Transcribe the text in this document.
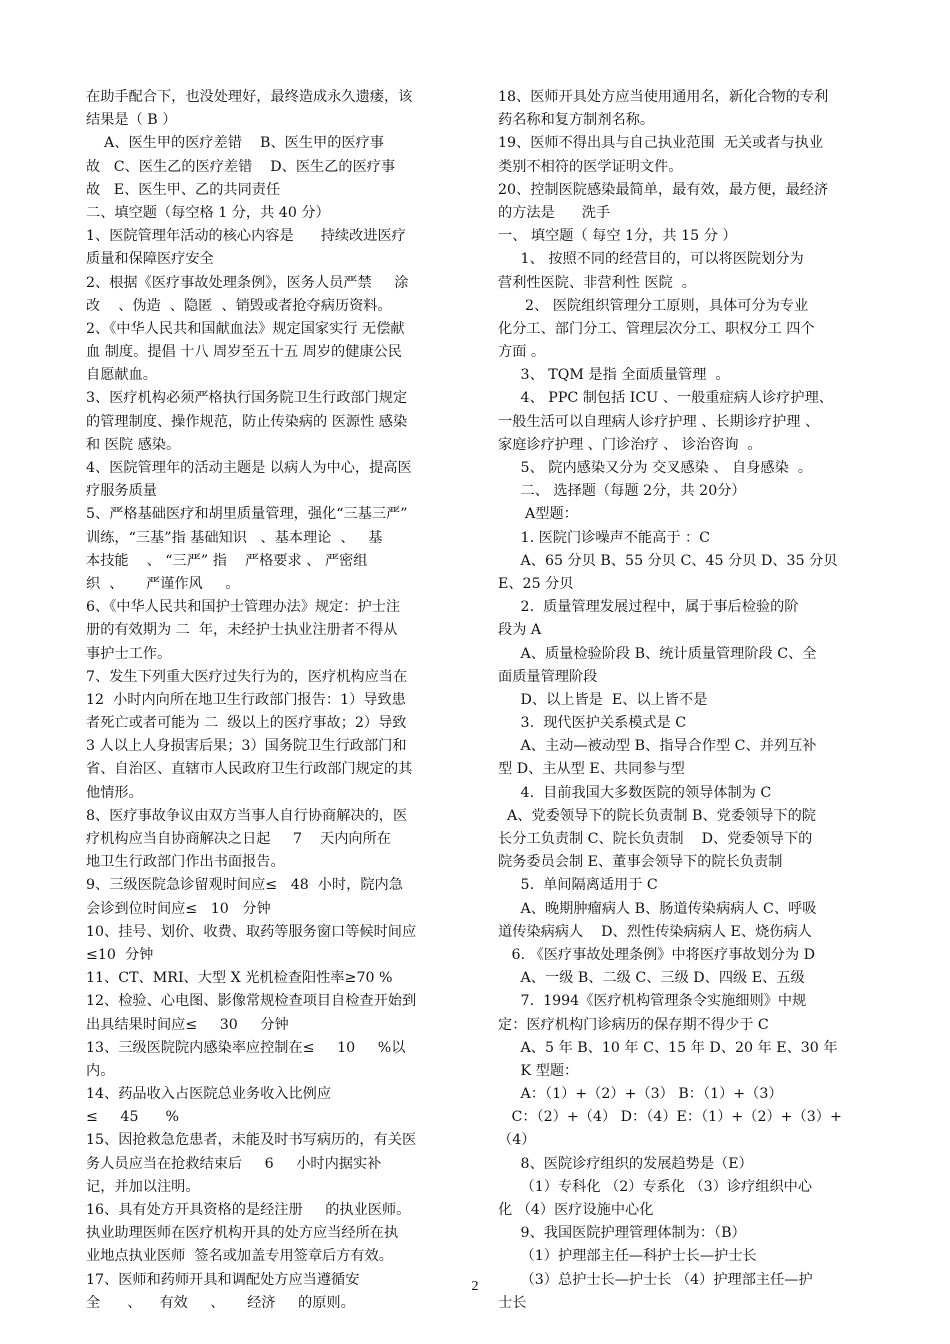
在助手配合下，也没处理好，最终造成永久遗瘘，该
结果是（ B ）
A、医生甲的医疗差错    B、医生甲的医疗事
故   C、医生乙的医疗差错    D、医生乙的医疗事
故   E、医生甲、乙的共同责任
二、填空题（每空格 1 分，共 40 分）
1、医院管理年活动的核心内容是      持续改进医疗
质量和保障医疗安全
2、根据《医疗事故处理条例》，医务人员严禁     涂
改    、伪造  、隐匿  、销毁或者抢夺病历资料。
2、《中华人民共和国献血法》规定国家实行 无偿献
血 制度。提倡 十八 周岁至五十五 周岁的健康公民
自愿献血。
3、医疗机构必须严格执行国务院卫生行政部门规定
的管理制度、操作规范，防止传染病的 医源性 感染
和 医院 感染。
4、医院管理年的活动主题是 以病人为中心，提高医
疗服务质量
5、严格基础医疗和胡里质量管理，强化“三基三严”
训练，“三基”指 基础知识   、基本理论  、   基
本技能    、 “三严” 指    严格要求 、 严密组
织  、     严谨作风     。
6、《中华人民共和国护士管理办法》规定：护士注
册的有效期为 二  年，未经护士执业注册者不得从
事护士工作。
7、发生下列重大医疗过失行为的，医疗机构应当在
12  小时内向所在地卫生行政部门报告：1）导致患
者死亡或者可能为 二  级以上的医疗事故；2）导致
3 人以上人身损害后果；3）国务院卫生行政部门和
省、自治区、直辖市人民政府卫生行政部门规定的其
他情形。
8、医疗事故争议由双方当事人自行协商解决的，医
疗机构应当自协商解决之日起     7    天内向所在
地卫生行政部门作出书面报告。
9、三级医院急诊留观时间应≤   48  小时，院内急
会诊到位时间应≤   10   分钟
10、挂号、划价、收费、取药等服务窗口等候时间应
≤10  分钟
11、CT、MRI、大型 X 光机检查阳性率≥70 %
12、检验、心电图、影像常规检查项目自检查开始到
出具结果时间应≤     30     分钟
13、三级医院院内感染率应控制在≤     10     %以
内。
14、药品收入占医院总业务收入比例应
≤     45      %
15、因抢救急危患者，未能及时书写病历的，有关医
务人员应当在抢救结束后     6     小时内据实补
记，并加以注明。
16、具有处方开具资格的是经注册     的执业医师。
执业助理医师在医疗机构开具的处方应当经所在执
业地点执业医师  签名或加盖专用签章后方有效。
17、医师和药师开具和调配处方应当遵循安
全      、    有效     、     经济     的原则。
18、医师开具处方应当使用通用名，新化合物的专利
药名称和复方制剂名称。
19、医师不得出具与自己执业范围  无关或者与执业
类别不相符的医学证明文件。
20、控制医院感染最简单，最有效，最方便，最经济
的方法是      洗手
一、 填空题（ 每空 1分，共 15 分 ）
1、 按照不同的经营目的，可以将医院划分为
营利性医院、非营利性 医院  。
2、 医院组织管理分工原则，具体可分为专业
化分工、部门分工、管理层次分工、职权分工 四个
方面 。
3、 TQM 是指 全面质量管理  。
4、 PPC 制包括 ICU 、一般重症病人诊疗护理、
一般生活可以自理病人诊疗护理 、长期诊疗护理 、
家庭诊疗护理 、门诊治疗 、 诊治咨询  。
5、 院内感染又分为 交叉感染 、 自身感染  。
二、 选择题（每题 2分，共 20分）
A型题：
1. 医院门诊噪声不能高于 ：C
A、65 分贝 B、55 分贝 C、45 分贝 D、35 分贝
E、25 分贝
2.  质量管理发展过程中，属于事后检验的阶
段为 A
A、质量检验阶段 B、统计质量管理阶段 C、全
面质量管理阶段
D、以上皆是  E、以上皆不是
3.  现代医护关系模式是 C
A、主动—被动型 B、指导合作型 C、并列互补
型 D、主从型 E、共同参与型
4.  目前我国大多数医院的领导体制为 C
A、党委领导下的院长负责制 B、党委领导下的院
长分工负责制 C、院长负责制    D、党委领导下的
院务委员会制 E、董事会领导下的院长负责制
5.  单间隔离适用于 C
A、晚期肿瘤病人 B、肠道传染病病人 C、呼吸
道传染病病人    D、烈性传染病病人 E、烧伤病人
6. 《医疗事故处理条例》中将医疗事故划分为 D
A、一级 B、二级 C、三级 D、四级 E、五级
7.  1994《医疗机构管理条令实施细则》中规
定：医疗机构门诊病历的保存期不得少于 C
A、5 年 B、10 年 C、15 年 D、20 年 E、30 年
K 型题：
A：（1）+（2）+（3） B：（1）+（3）
C：（2）+（4） D：（4）E：（1）+（2）+（3）+
（4）
8、医院诊疗组织的发展趋势是（E）
（1）专科化 （2）专系化 （3）诊疗组织中心
化 （4）医疗设施中心化
9、我国医院护理管理体制为：（B）
（1）护理部主任—科护士长—护士长
（3）总护士长—护士长 （4）护理部主任—护
士长
2
